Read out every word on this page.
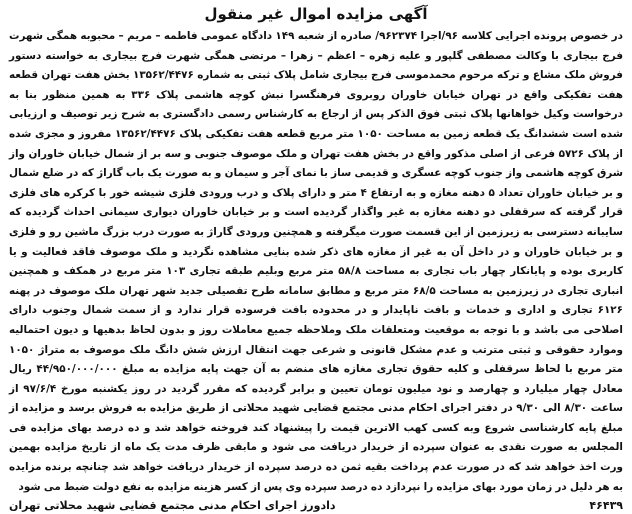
آگهی مزایده اموال غیر منقول

در خصوص پرونده اجرایی کلاسه ۹۶/اجرا ۹۶۲۳۷۴/ صادره از شعبه ۱۴۹ دادگاه عمومی فاطمه – مریم – محبوبه همگی شهرت فرج بیجاری با وکالت مصطفی گلپور و علیه زهره – اعظم – زهرا – مرتضی همگی شهرت فرج بیجاری به خواسته دستور فروش ملک مشاع و ترکه مرحوم محمدموسی فرج بیجاری شامل پلاک ثبتی به شماره ۱۳۵۶۲/۴۴۷۶ بخش هفت تهران قطعه هفت تفکیکی واقع در تهران خیابان خاوران روبروی فرهنگسرا نبش کوچه هاشمی پلاک ۳۳۶ به همین منظور بنا به درخواست وکیل خواهانها پلاک ثبتی فوق الذکر پس از ارجاع به کارشناس رسمی دادگستری به شرح زیر توصیف و ارزیابی شده است ششدانگ یک قطعه زمین به مساحت ۱۰۵۰ متر مربع قطعه هفت تفکیکی پلاک ۱۳۵۶۲/۴۴۷۶ مفروز و مجزی شده از پلاک ۵۷۲۶ فرعی از اصلی مذکور واقع در بخش هفت تهران و ملک موصوف جنوبی و سه بر از شمال خیابان خاوران واز شرق کوچه هاشمی واز جنوب کوچه عسگری و قدیمی ساز با نمای آجر و سیمان و به صورت یک باب گاراژ که در ضلع شمال و بر خیابان خاوران تعداد ۵ دهنه مغازه و به ارتفاع ۴ متر و دارای پلاک و درب ورودی فلزی شیشه خور با کرکره های فلزی قرار گرفته که سرقفلی دو دهنه مغازه به غیر واگذار گردیده است و بر خیابان خاوران دیواری سیمانی احداث گردیده که سایبانه دسترسی به زیرزمین از این قسمت صورت میگرفته و همچنین ورودی گاراژ به صورت درب بزرگ ماشین رو و فلزی و بر خیابان خاوران و در داخل آن به غیر از مغازه های ذکر شده بنایی مشاهده نگردید و ملک موصوف فاقد فعالیت و یا کاربری بوده و پایانکار چهار باب تجاری به مساحت ۵۸/۸ متر مربع وبلیم طبقه تجاری ۱۰۳ متر مربع در همکف و همچنین انباری تجاری در زیرزمین به مساحت ۶۸/۵ متر مربع و مطابق سامانه طرح تفصیلی جدید شهر تهران ملک موصوف در پهنه ۶۱۲۶ تجاری و اداری و خدمات و بافت ناپایدار و در محدوده بافت فرسوده قرار ندارد و از سمت شمال وجنوب دارای اصلاحی می باشد و با توجه به موقعیت ومتعلقات ملک وملاحظه جمیع معاملات روز و بدون لحاظ بدهیها و دیون احتمالیه وموارد حقوقی و ثبتی مترتب و عدم مشکل قانونی و شرعی جهت انتقال ارزش شش دانگ ملک موصوف به متراژ ۱۰۵۰ متر مربع با لحاظ سرقفلی و کلیه حقوق تجاری مغازه های منضم به آن جهت پایه مزایده به مبلغ ۴۴/۹۵۰/۰۰۰/۰۰۰ ریال معادل چهار میلیارد و چهارصد و نود میلیون تومان تعیین و برابر گردیده که مقرر گردید در روز یکشنبه مورخ ۹۷/۶/۴ از ساعت ۸/۳۰ الی ۹/۳۰ در دفتر اجرای احکام مدنی مجتمع قضایی شهید محلاتی از طریق مزایده به فروش برسد و مزایده از مبلغ پایه کارشناسی شروع وبه کسی کهب الاترین قیمت را پیشنهاد کند فروخته خواهد شد و ده درصد بهای مزایده فی المجلس به صورت نقدی به عنوان سپرده از خریدار دریافت می شود و مابقی ظرف مدت یک ماه از تاریخ مزایده بهمین ورت اخذ خواهد شد که در صورت عدم پرداخت بقیه ثمن ده درصد سپرده از خریدار دریافت خواهد شد چنانچه برنده مزایده به هر دلیل در زمان مورد بهای مزایده را نپردازد ده درصد سپرده وی پس از کسر هزینه مزایده به نفع دولت ضبط می شود

۴۶۴۳۹
دادورز اجرای احکام مدنی مجتمع قضایی شهید محلاتی تهران
